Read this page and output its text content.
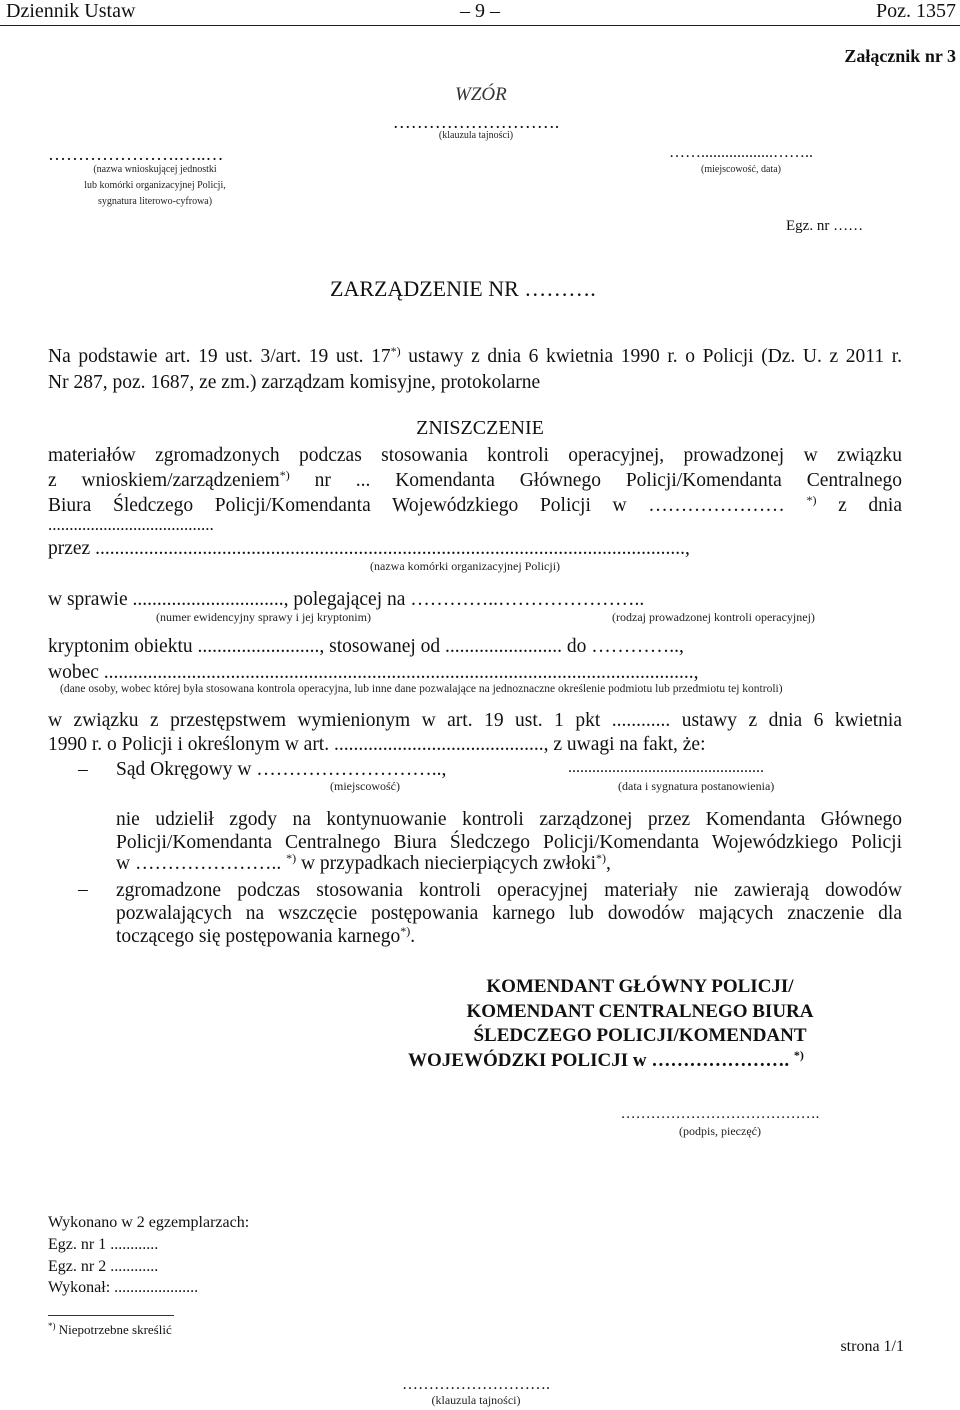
Dziennik Ustaw	– 9 –	Poz. 1357
Załącznik nr 3
WZÓR
……………………….
(klauzula tajności)
………………….…..…
(nazwa wnioskującej jednostki
lub komórki organizacyjnej Policji,
sygnatura literowo-cyfrowa)
……..................……..
(miejscowość, data)
Egz. nr ……
ZARZĄDZENIE NR ……….
Na podstawie art. 19 ust. 3/art. 19 ust. 17*) ustawy z dnia 6 kwietnia 1990 r. o Policji (Dz. U. z 2011 r.
Nr 287, poz. 1687, ze zm.) zarządzam komisyjne, protokolarne
ZNISZCZENIE
materiałów zgromadzonych podczas stosowania kontroli operacyjnej, prowadzonej w związku
z wnioskiem/zarządzeniem*) nr ... Komendanta Głównego Policji/Komendanta Centralnego
Biura Śledczego Policji/Komendanta Wojewódzkiego Policji w ………………… *) z dnia
.......................................
przez .........................................................................................................................,
(nazwa komórki organizacyjnej Policji)
w sprawie ..............................., polegającej na …………..…………………..
(numer ewidencyjny sprawy i jej kryptonim)	(rodzaj prowadzonej kontroli operacyjnej)
kryptonim obiektu ........................., stosowanej od ........................ do …………..,
wobec .........................................................................................................................,
(dane osoby, wobec której była stosowana kontrola operacyjna, lub inne dane pozwalające na jednoznaczne określenie podmiotu lub przedmiotu tej kontroli)
w związku z przestępstwem wymienionym w art. 19 ust. 1 pkt ............ ustawy z dnia 6 kwietnia
1990 r. o Policji i określonym w art. ..........................................., z uwagi na fakt, że:
– Sąd Okręgowy w ………………………..,	.................................................
(miejscowość)	(data i sygnatura postanowienia)
nie udzielił zgody na kontynuowanie kontroli zarządzonej przez Komendanta Głównego
Policji/Komendanta Centralnego Biura Śledczego Policji/Komendanta Wojewódzkiego Policji
w ………………….. *) w przypadkach niecierpiących zwłoki*),
– zgromadzone podczas stosowania kontroli operacyjnej materiały nie zawierają dowodów
pozwalających na wszczęcie postępowania karnego lub dowodów mających znaczenie dla
toczącego się postępowania karnego*).
KOMENDANT GŁÓWNY POLICJI/
KOMENDANT CENTRALNEGO BIURA
ŚLEDCZEGO POLICJI/KOMENDANT
WOJEWÓDZKI POLICJI w …………………. *)
………………………………….
(podpis, pieczęć)
Wykonano w 2 egzemplarzach:
Egz. nr 1 ............
Egz. nr 2 ............
Wykonał: .....................
*) Niepotrzebne skreślić
strona 1/1
……………………….
(klauzula tajności)
